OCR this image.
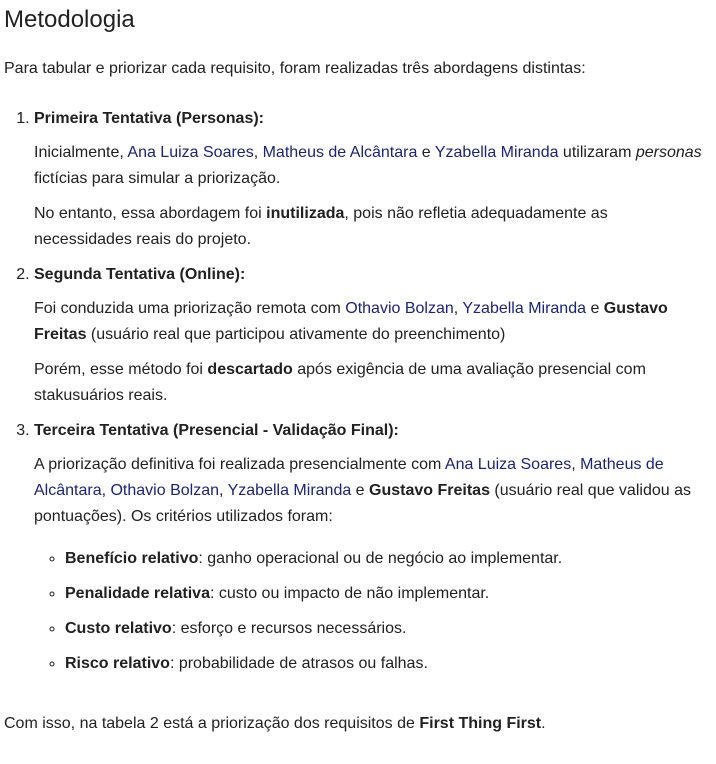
Metodologia

Para tabular e priorizar cada requisito, foram realizadas três abordagens distintas:

1. Primeira Tentativa (Personas):

Inicialmente, Ana Luiza Soares, Matheus de Alcântara e Yzabella Miranda utilizaram personas fictícias para simular a priorização.

No entanto, essa abordagem foi inutilizada, pois não refletia adequadamente as necessidades reais do projeto.

2. Segunda Tentativa (Online):

Foi conduzida uma priorização remota com Othavio Bolzan, Yzabella Miranda e Gustavo Freitas (usuário real que participou ativamente do preenchimento)

Porém, esse método foi descartado após exigência de uma avaliação presencial com stakusuários reais.

3. Terceira Tentativa (Presencial - Validação Final):

A priorização definitiva foi realizada presencialmente com Ana Luiza Soares, Matheus de Alcântara, Othavio Bolzan, Yzabella Miranda e Gustavo Freitas (usuário real que validou as pontuações). Os critérios utilizados foram:

◦ Benefício relativo: ganho operacional ou de negócio ao implementar.
◦ Penalidade relativa: custo ou impacto de não implementar.
◦ Custo relativo: esforço e recursos necessários.
◦ Risco relativo: probabilidade de atrasos ou falhas.

Com isso, na tabela 2 está a priorização dos requisitos de First Thing First.
